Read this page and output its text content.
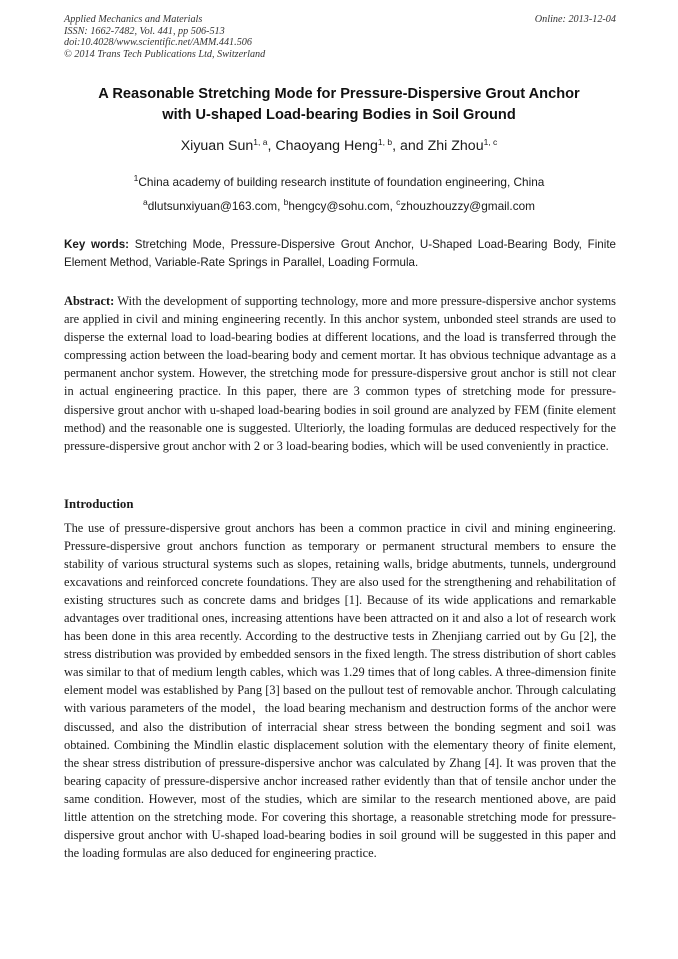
Applied Mechanics and Materials
ISSN: 1662-7482, Vol. 441, pp 506-513
doi:10.4028/www.scientific.net/AMM.441.506
© 2014 Trans Tech Publications Ltd, Switzerland
Online: 2013-12-04
A Reasonable Stretching Mode for Pressure-Dispersive Grout Anchor
with U-shaped Load-bearing Bodies in Soil Ground
Xiyuan Sun$^{1, a}$, Chaoyang Heng$^{1, b}$, and Zhi Zhou$^{1, c}$
$^1$China academy of building research institute of foundation engineering, China
$^a$dlutsunxiyuan@163.com, $^b$hengcy@sohu.com, $^c$zhouzhouzzy@gmail.com
Key words: Stretching Mode, Pressure-Dispersive Grout Anchor, U-Shaped Load-Bearing Body, Finite Element Method, Variable-Rate Springs in Parallel, Loading Formula.
Abstract: With the development of supporting technology, more and more pressure-dispersive anchor systems are applied in civil and mining engineering recently. In this anchor system, unbonded steel strands are used to disperse the external load to load-bearing bodies at different locations, and the load is transferred through the compressing action between the load-bearing body and cement mortar. It has obvious technique advantage as a permanent anchor system. However, the stretching mode for pressure-dispersive grout anchor is still not clear in actual engineering practice. In this paper, there are 3 common types of stretching mode for pressure-dispersive grout anchor with u-shaped load-bearing bodies in soil ground are analyzed by FEM (finite element method) and the reasonable one is suggested. Ulteriorly, the loading formulas are deduced respectively for the pressure-dispersive grout anchor with 2 or 3 load-bearing bodies, which will be used conveniently in practice.
Introduction
The use of pressure-dispersive grout anchors has been a common practice in civil and mining engineering. Pressure-dispersive grout anchors function as temporary or permanent structural members to ensure the stability of various structural systems such as slopes, retaining walls, bridge abutments, tunnels, underground excavations and reinforced concrete foundations. They are also used for the strengthening and rehabilitation of existing structures such as concrete dams and bridges [1]. Because of its wide applications and remarkable advantages over traditional ones, increasing attentions have been attracted on it and also a lot of research work has been done in this area recently. According to the destructive tests in Zhenjiang carried out by Gu [2], the stress distribution was provided by embedded sensors in the fixed length. The stress distribution of short cables was similar to that of medium length cables, which was 1.29 times that of long cables. A three-dimension finite element model was established by Pang [3] based on the pullout test of removable anchor. Through calculating with various parameters of the model，the load bearing mechanism and destruction forms of the anchor were discussed, and also the distribution of interracial shear stress between the bonding segment and soi1 was obtained. Combining the Mindlin elastic displacement solution with the elementary theory of finite element, the shear stress distribution of pressure-dispersive anchor was calculated by Zhang [4]. It was proven that the bearing capacity of pressure-dispersive anchor increased rather evidently than that of tensile anchor under the same condition. However, most of the studies, which are similar to the research mentioned above, are paid little attention on the stretching mode. For covering this shortage, a reasonable stretching mode for pressure-dispersive grout anchor with U-shaped load-bearing bodies in soil ground will be suggested in this paper and the loading formulas are also deduced for engineering practice.
